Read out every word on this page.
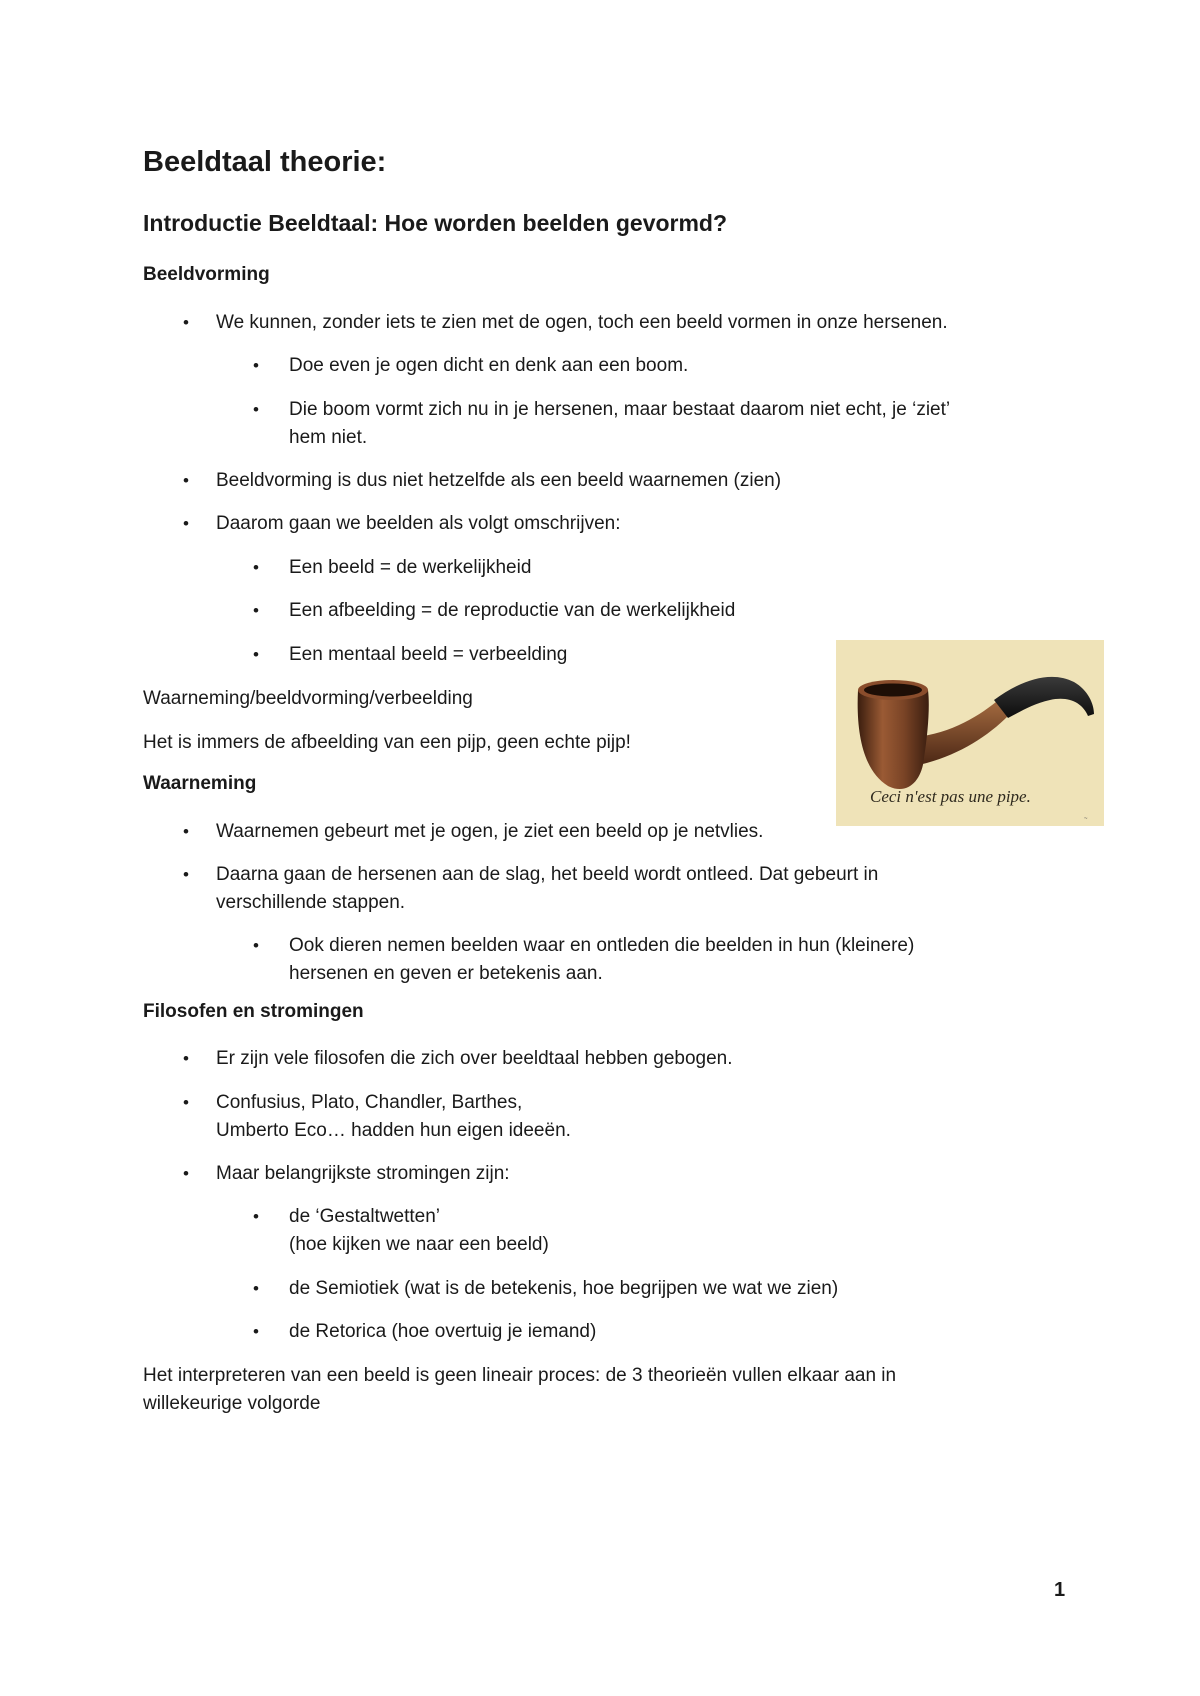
Beeldtaal theorie:
Introductie Beeldtaal: Hoe worden beelden gevormd?
Beeldvorming
• We kunnen, zonder iets te zien met de ogen, toch een beeld vormen in onze hersenen.
• Doe even je ogen dicht en denk aan een boom.
• Die boom vormt zich nu in je hersenen, maar bestaat daarom niet echt, je ‘ziet’
hem niet.
• Beeldvorming is dus niet hetzelfde als een beeld waarnemen (zien)
• Daarom gaan we beelden als volgt omschrijven:
• Een beeld = de werkelijkheid
• Een afbeelding = de reproductie van de werkelijkheid
• Een mentaal beeld = verbeelding

Waarneming/beeldvorming/verbeelding

Het is immers de afbeelding van een pijp, geen echte pijp!

Ceci n'est pas une pipe.
~
Waarneming
• Waarnemen gebeurt met je ogen, je ziet een beeld op je netvlies.
• Daarna gaan de hersenen aan de slag, het beeld wordt ontleed. Dat gebeurt in
verschillende stappen.
• Ook dieren nemen beelden waar en ontleden die beelden in hun (kleinere)
hersenen en geven er betekenis aan.
Filosofen en stromingen
• Er zijn vele filosofen die zich over beeldtaal hebben gebogen.
• Confusius, Plato, Chandler, Barthes,
Umberto Eco… hadden hun eigen ideeën.
• Maar belangrijkste stromingen zijn:
• de ‘Gestaltwetten’
(hoe kijken we naar een beeld)
• de Semiotiek (wat is de betekenis, hoe begrijpen we wat we zien)
• de Retorica (hoe overtuig je iemand)

Het interpreteren van een beeld is geen lineair proces: de 3 theorieën vullen elkaar aan in
willekeurige volgorde

1
